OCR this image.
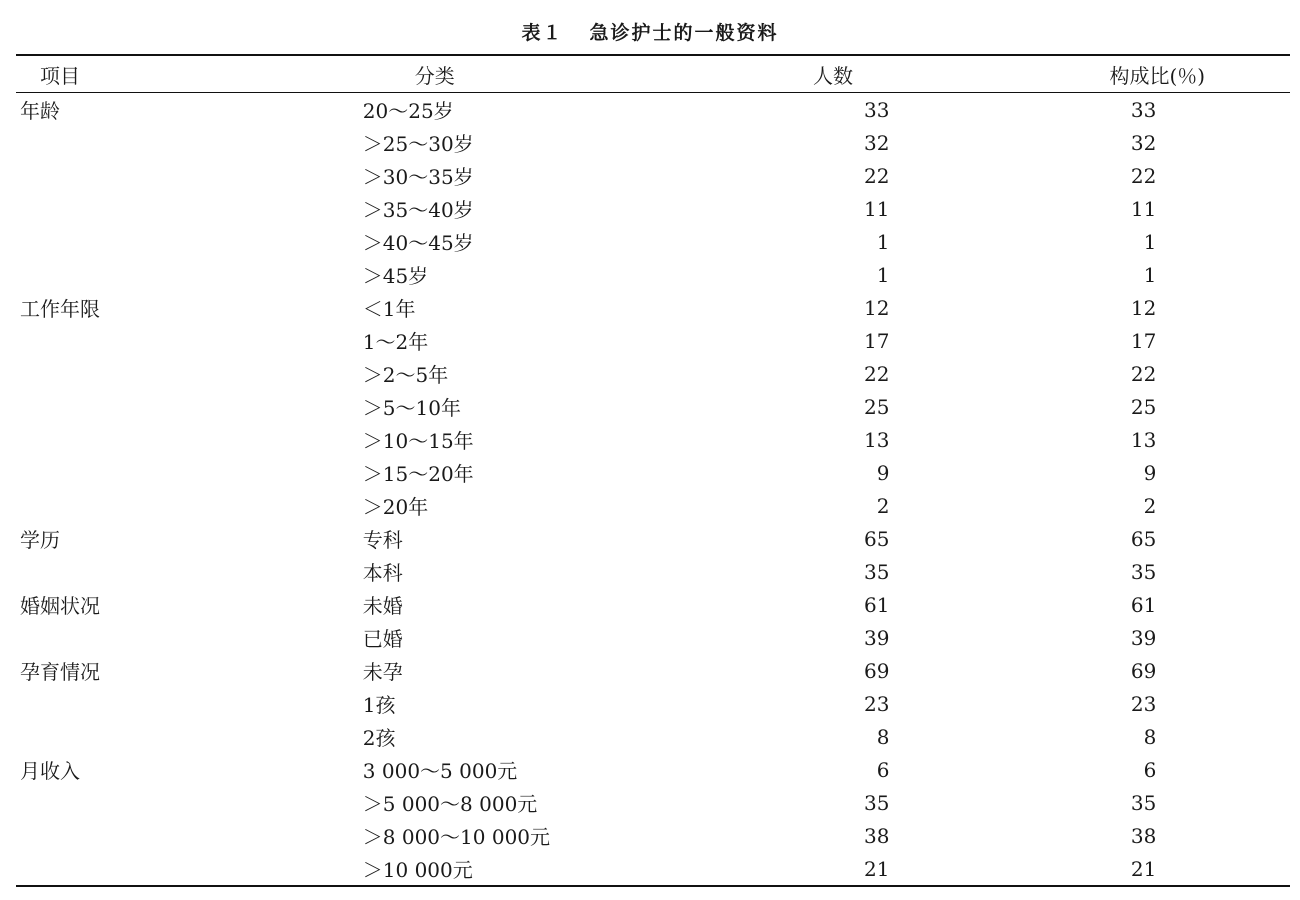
表１ 急诊护士的一般资料
项目	分类	人数		构成比(％)	
年龄	20～25岁	33		33	
	＞25～30岁	32		32	
	＞30～35岁	22		22	
	＞35～40岁	11		11	
	＞40～45岁	1		1	
	＞45岁	1		1	
工作年限	＜1年	12		12	
	1～2年	17		17	
	＞2～5年	22		22	
	＞5～10年	25		25	
	＞10～15年	13		13	
	＞15～20年	9		9	
	＞20年	2		2	
学历	专科	65		65	
	本科	35		35	
婚姻状况	未婚	61		61	
	已婚	39		39	
孕育情况	未孕	69		69	
	1孩	23		23	
	2孩	8		8	
月收入	3 000～5 000元	6		6	
	＞5 000～8 000元	35		35	
	＞8 000～10 000元	38		38	
	＞10 000元	21		21	
